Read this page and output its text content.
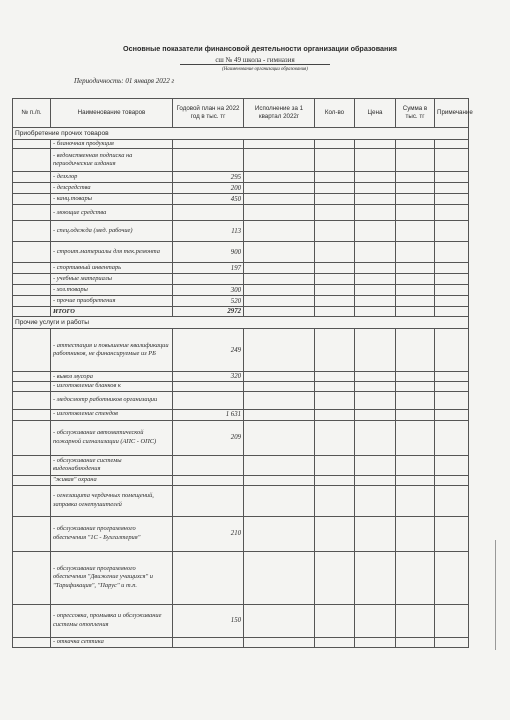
Основные показатели финансовой деятельности организации образования
сш № 49 школа - гимназия
(Наименование организации образования)
Периодичность: 01 января 2022 г
№ п./п.	Наименование товаров	Годовой план на 2022 год в тыс. тг	Исполнение за 1 квартал 2022г	Кол-во	Цена	Сумма в тыс. тг	Примечание
Приобретение прочих товаров							
	- бланочная продукция						
	- ведомственная подписка на периодические издания						
	- дезхлор	295					
	- дезсредства	200					
	- канц.товары	450					
	- моющие средства						
	- спец.одежда (мед. рабочие)	113					
	- строит.материалы для тек.ремонта	900					
	- спортивный инвентарь	197					
	- учебные материалы						
	- хоз.товары	300					
	- прочие приобретения	520					
	ИТОГО	2972					
Прочие услуги и работы							
	- аттестация и повышение квалификации работников, не финансируемые из РБ	249					
	- вывоз мусора	320					
	- изготовление бланков к						
	- медосмотр работников организации						
	- изготовление стендов	1 631					
	- обслуживание автоматической пожарной сигнализации (АПС - ОПС)	209					
	- обслуживание системы видеонаблюдения						
	"живая" охрана						
	- огнезащита чердачных помещений, заправка огнетушителей						
	- обслуживание программного обеспечения "1С - Бухгалтерия"	210					
	- обслуживание программного обеспечения "Движение учащихся" и "Тарификация", "Парус" и т.п.						
	- опрессовка, промывка и обслуживание системы отопления	150					
	- откачка септика						
